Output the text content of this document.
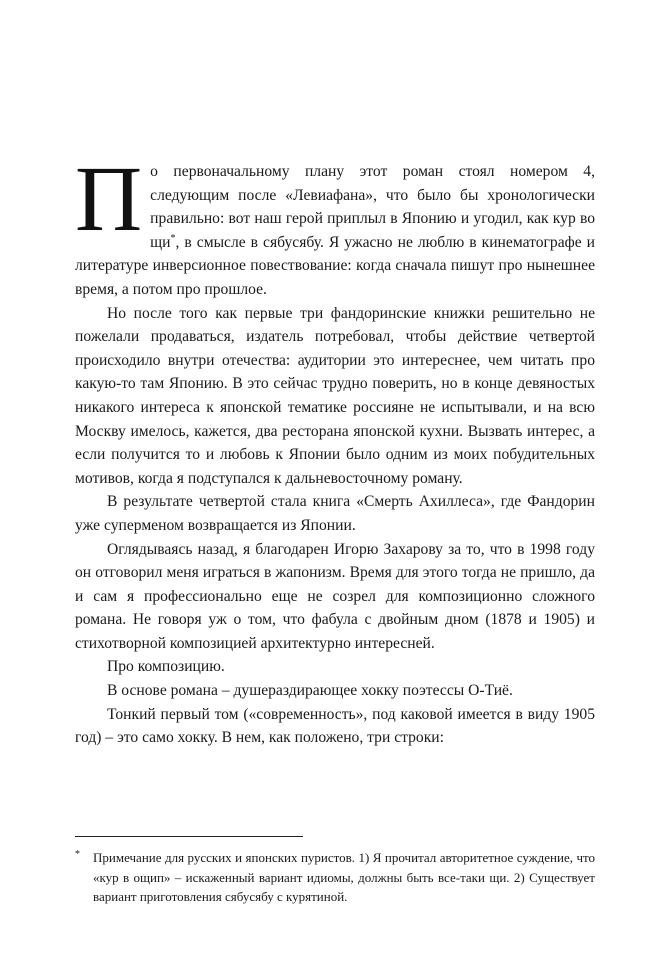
По первоначальному плану этот роман стоял номером 4, следующим после «Левиафана», что было бы хронологически правильно: вот наш герой приплыл в Японию и угодил, как кур во щи*, в смысле в сябусябу. Я ужасно не люблю в кинематографе и литературе инверсионное повествование: когда сначала пишут про нынешнее время, а потом про прошлое.

Но после того как первые три фандоринские книжки решительно не пожелали продаваться, издатель потребовал, чтобы действие четвертой происходило внутри отечества: аудитории это интереснее, чем читать про какую-то там Японию. В это сейчас трудно поверить, но в конце девяностых никакого интереса к японской тематике россияне не испытывали, и на всю Москву имелось, кажется, два ресторана японской кухни. Вызвать интерес, а если получится то и любовь к Японии было одним из моих побудительных мотивов, когда я подступался к дальневосточному роману.

В результате четвертой стала книга «Смерть Ахиллеса», где Фандорин уже суперменом возвращается из Японии.

Оглядываясь назад, я благодарен Игорю Захарову за то, что в 1998 году он отговорил меня играться в жапонизм. Время для этого тогда не пришло, да и сам я профессионально еще не созрел для композиционно сложного романа. Не говоря уж о том, что фабула с двойным дном (1878 и 1905) и стихотворной композицией архитектурно интересней.

Про композицию.

В основе романа – душераздирающее хокку поэтессы О-Тиё.

Тонкий первый том («современность», под каковой имеется в виду 1905 год) – это само хокку. В нем, как положено, три строки:

* Примечание для русских и японских пуристов. 1) Я прочитал авторитетное суждение, что «кур в ощип» – искаженный вариант идиомы, должны быть все-таки щи. 2) Существует вариант приготовления сябусябу с курятиной.
